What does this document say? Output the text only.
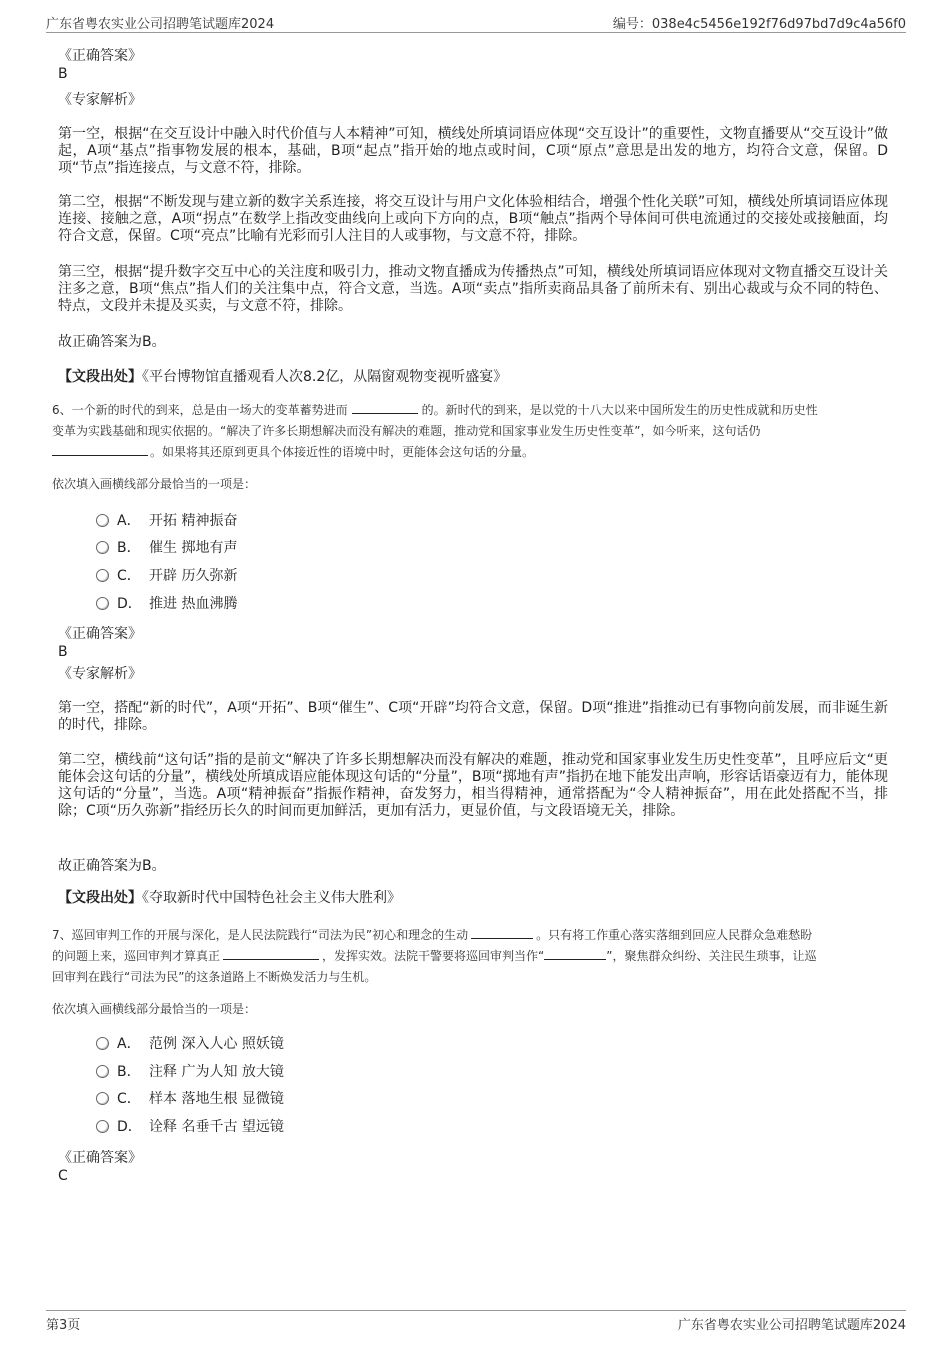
广东省粤农实业公司招聘笔试题库2024	编号：038e4c5456e192f76d97bd7d9c4a56f0
《正确答案》
B
《专家解析》
第一空，根据“在交互设计中融入时代价值与人本精神”可知，横线处所填词语应体现“交互设计”的重要性，文物直播要从“交互设计”做起，A项“基点”指事物发展的根本，基础，B项“起点”指开始的地点或时间，C项“原点”意思是出发的地方，均符合文意，保留。D项“节点”指连接点，与文意不符，排除。
第二空，根据“不断发现与建立新的数字关系连接，将交互设计与用户文化体验相结合，增强个性化关联”可知，横线处所填词语应体现连接、接触之意，A项“拐点”在数学上指改变曲线向上或向下方向的点，B项“触点”指两个导体间可供电流通过的交接处或接触面，均符合文意，保留。C项“亮点”比喻有光彩而引人注目的人或事物，与文意不符，排除。
第三空，根据“提升数字交互中心的关注度和吸引力，推动文物直播成为传播热点”可知，横线处所填词语应体现对文物直播交互设计关注多之意，B项“焦点”指人们的关注集中点，符合文意，当选。A项“卖点”指所卖商品具备了前所未有、别出心裁或与众不同的特色、特点，文段并未提及买卖，与文意不符，排除。
故正确答案为B。
【文段出处】《平台博物馆直播观看人次8.2亿，从隔窗观物变视听盛宴》
6、一个新的时代的到来，总是由一场大的变革蓄势进而	的。新时代的到来，是以党的十八大以来中国所发生的历史性成就和历史性
变革为实践基础和现实依据的。“解决了许多长期想解决而没有解决的难题，推动党和国家事业发生历史性变革”，如今听来，这句话仍
。如果将其还原到更具个体接近性的语境中时，更能体会这句话的分量。
依次填入画横线部分最恰当的一项是：
A． 开拓 精神振奋
B． 催生 掷地有声
C． 开辟 历久弥新
D． 推进 热血沸腾
《正确答案》
B
《专家解析》
第一空，搭配“新的时代”，A项“开拓”、B项“催生”、C项“开辟”均符合文意，保留。D项“推进”指推动已有事物向前发展，而非诞生新的时代，排除。
第二空，横线前“这句话”指的是前文“解决了许多长期想解决而没有解决的难题，推动党和国家事业发生历史性变革”，且呼应后文“更能体会这句话的分量”，横线处所填成语应能体现这句话的“分量”，B项“掷地有声”指扔在地下能发出声响，形容话语豪迈有力，能体现这句话的“分量”，当选。A项“精神振奋”指振作精神，奋发努力，相当得精神，通常搭配为“令人精神振奋”，用在此处搭配不当，排除；C项“历久弥新”指经历长久的时间而更加鲜活，更加有活力，更显价值，与文段语境无关，排除。
故正确答案为B。
【文段出处】《夺取新时代中国特色社会主义伟大胜利》
7、巡回审判工作的开展与深化，是人民法院践行“司法为民”初心和理念的生动	。只有将工作重心落实落细到回应人民群众急难愁盼
的问题上来，巡回审判才算真正	，发挥实效。法院干警要将巡回审判当作“	”，聚焦群众纠纷、关注民生琐事，让巡
回审判在践行“司法为民”的这条道路上不断焕发活力与生机。
依次填入画横线部分最恰当的一项是：
A． 范例 深入人心 照妖镜
B． 注释 广为人知 放大镜
C． 样本 落地生根 显微镜
D． 诠释 名垂千古 望远镜
《正确答案》
C
第3页	广东省粤农实业公司招聘笔试题库2024
